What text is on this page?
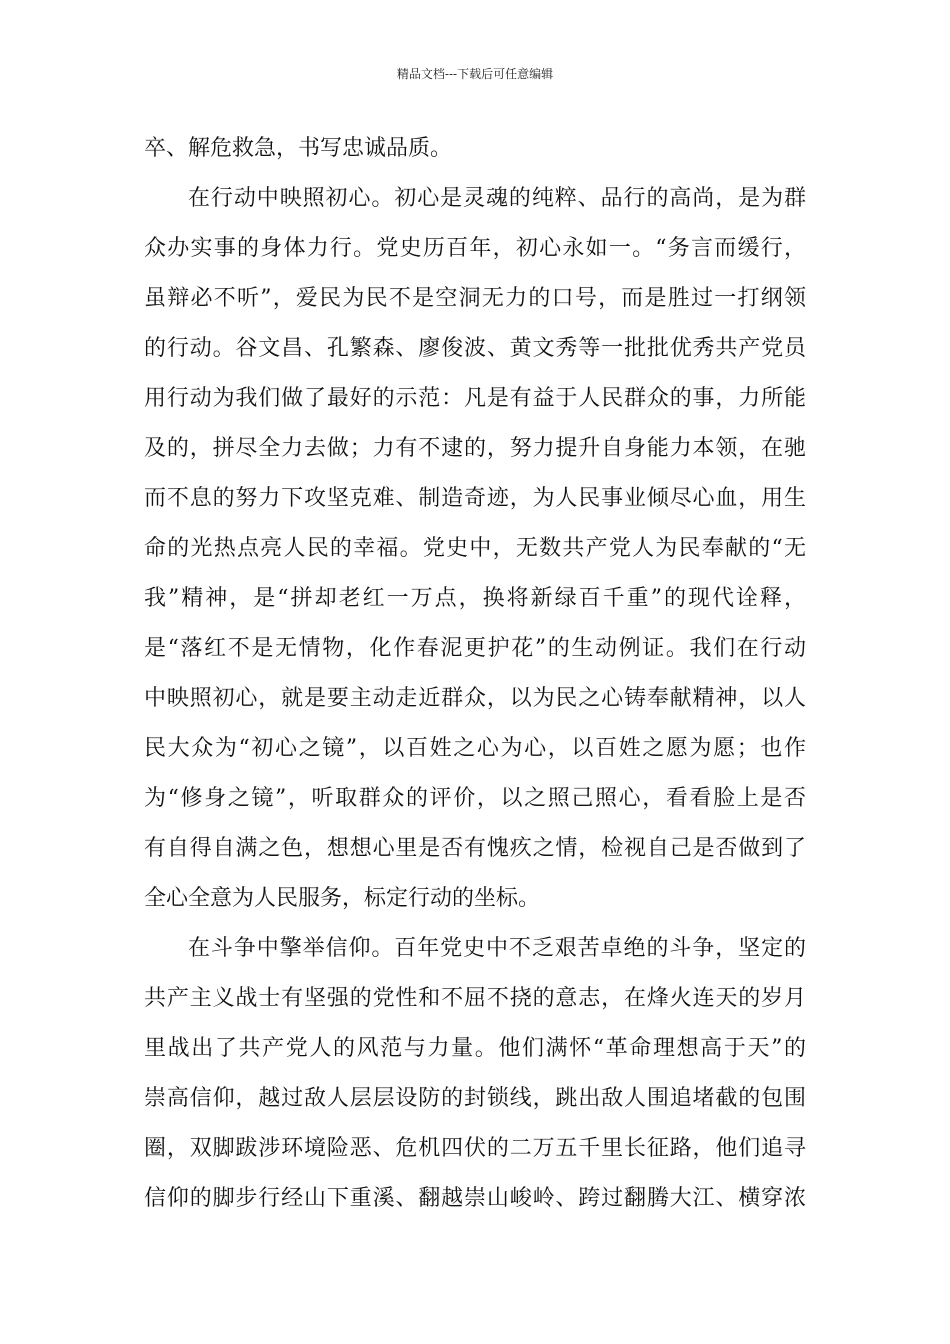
精品文档---下载后可任意编辑
卒、解危救急，书写忠诚品质。
在行动中映照初心。初心是灵魂的纯粹、品行的高尚，是为群
众办实事的身体力行。党史历百年，初心永如一。“务言而缓行，
虽辩必不听”，爱民为民不是空洞无力的口号，而是胜过一打纲领
的行动。谷文昌、孔繁森、廖俊波、黄文秀等一批批优秀共产党员
用行动为我们做了最好的示范：凡是有益于人民群众的事，力所能
及的，拼尽全力去做；力有不逮的，努力提升自身能力本领，在驰
而不息的努力下攻坚克难、制造奇迹，为人民事业倾尽心血，用生
命的光热点亮人民的幸福。党史中，无数共产党人为民奉献的“无
我”精神，是“拼却老红一万点，换将新绿百千重”的现代诠释，
是“落红不是无情物，化作春泥更护花”的生动例证。我们在行动
中映照初心，就是要主动走近群众，以为民之心铸奉献精神，以人
民大众为“初心之镜”，以百姓之心为心，以百姓之愿为愿；也作
为“修身之镜”，听取群众的评价，以之照己照心，看看脸上是否
有自得自满之色，想想心里是否有愧疚之情，检视自己是否做到了
全心全意为人民服务，标定行动的坐标。
在斗争中擎举信仰。百年党史中不乏艰苦卓绝的斗争，坚定的
共产主义战士有坚强的党性和不屈不挠的意志，在烽火连天的岁月
里战出了共产党人的风范与力量。他们满怀“革命理想高于天”的
崇高信仰，越过敌人层层设防的封锁线，跳出敌人围追堵截的包围
圈，双脚跋涉环境险恶、危机四伏的二万五千里长征路，他们追寻
信仰的脚步行经山下重溪、翻越崇山峻岭、跨过翻腾大江、横穿浓
